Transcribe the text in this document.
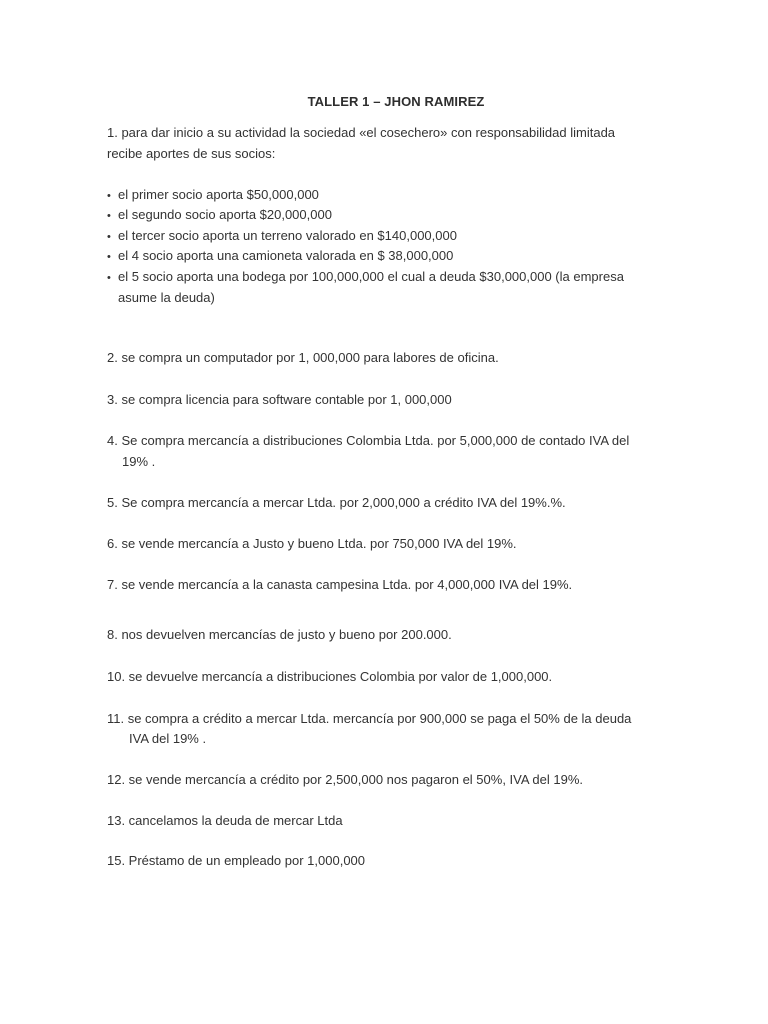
TALLER 1 – JHON RAMIREZ
1. para dar inicio a su actividad la sociedad «el cosechero» con responsabilidad limitada
recibe aportes de sus socios:
• el primer socio aporta $50,000,000
• el segundo socio aporta $20,000,000
• el tercer socio aporta un terreno valorado en $140,000,000
• el 4 socio aporta una camioneta valorada en $ 38,000,000
• el 5 socio aporta una bodega por 100,000,000 el cual a deuda $30,000,000 (la empresa
asume la deuda)
2. se compra un computador por 1, 000,000 para labores de oficina.
3. se compra licencia para software contable por 1, 000,000
4. Se compra mercancía a distribuciones Colombia Ltda. por 5,000,000 de contado IVA del
19% .
5. Se compra mercancía a mercar Ltda. por 2,000,000 a crédito IVA del 19%.%.
6. se vende mercancía a Justo y bueno Ltda. por 750,000 IVA del 19%.
7. se vende mercancía a la canasta campesina Ltda. por 4,000,000 IVA del 19%.
8. nos devuelven mercancías de justo y bueno por 200.000.
10. se devuelve mercancía a distribuciones Colombia por valor de 1,000,000.
11. se compra a crédito a mercar Ltda. mercancía por 900,000 se paga el 50% de la deuda
IVA del 19% .
12. se vende mercancía a crédito por 2,500,000 nos pagaron el 50%, IVA del 19%.
13. cancelamos la deuda de mercar Ltda
15. Préstamo de un empleado por 1,000,000
